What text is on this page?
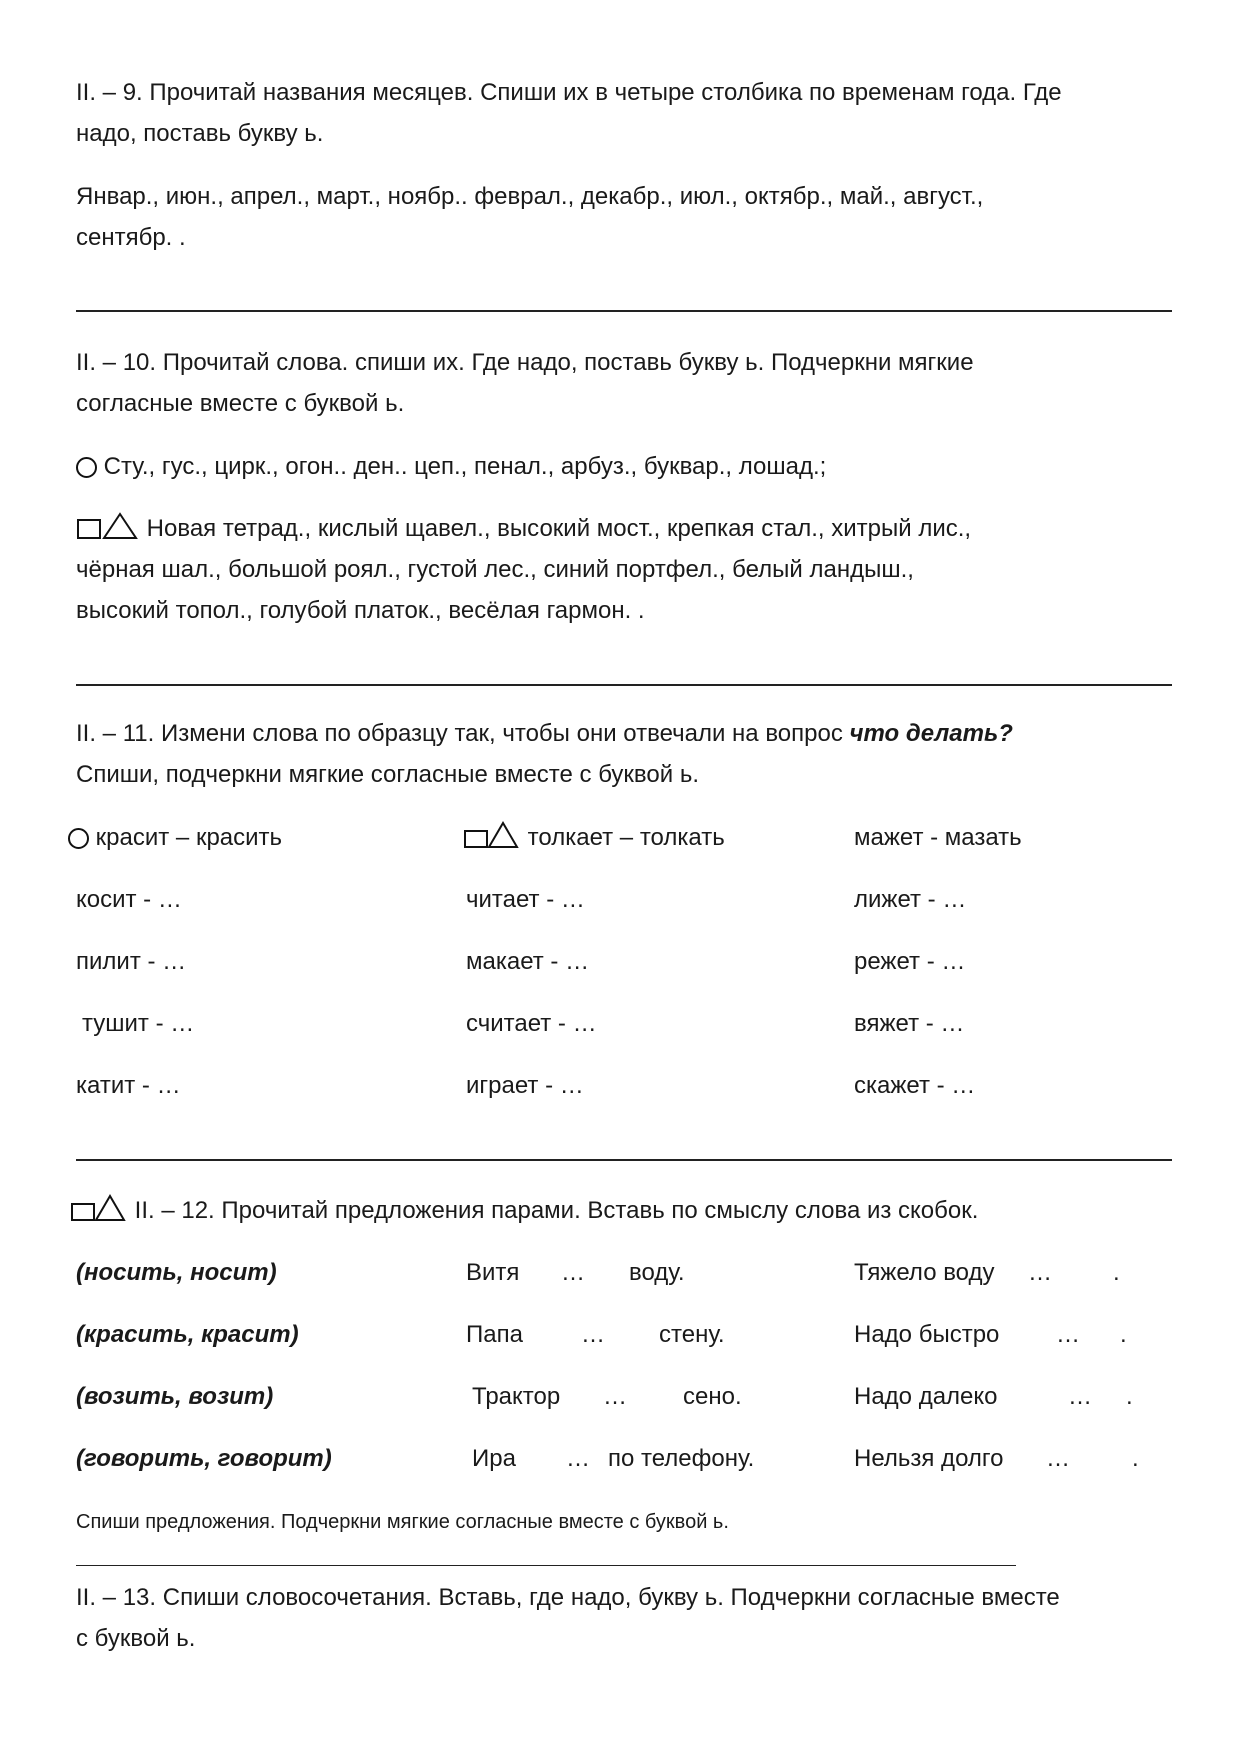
II. – 9. Прочитай названия месяцев. Спиши их в четыре столбика по временам года. Где
надо, поставь букву ь.
Январ., июн., апрел., март., ноябр.. феврал., декабр., июл., октябр., май., август.,
сентябр. .
II. – 10. Прочитай слова. спиши их. Где надо, поставь букву ь. Подчеркни мягкие
согласные вместе с буквой ь.
Сту., гус., цирк., огон.. ден.. цеп., пенал., арбуз., буквар., лошад.;
Новая тетрад., кислый щавел., высокий мост., крепкая стал., хитрый лис.,
чёрная шал., большой роял., густой лес., синий портфел., белый ландыш.,
высокий топол., голубой платок., весёлая гармон. .
II. – 11. Измени слова по образцу так, чтобы они отвечали на вопрос что делать?
Спиши, подчеркни мягкие согласные вместе с буквой ь.
красит – красить	толкает – толкать	мажет - мазать
косит - …	читает - …	лижет - …
пилит - …	макает - …	режет - …
тушит - …	считает - …	вяжет - …
катит - …	играет - …	скажет - …
II. – 12. Прочитай предложения парами. Вставь по смыслу слова из скобок.
(носить, носит)	Витя … воду.	Тяжело воду …	.
(красить, красит)	Папа … стену.	Надо быстро … .
(возить, возит)	Трактор … сено.	Надо далеко	… .
(говорить, говорит)	Ира … по телефону.	Нельзя долго …	.
Спиши предложения. Подчеркни мягкие согласные вместе с буквой ь.
II. – 13. Спиши словосочетания. Вставь, где надо, букву ь. Подчеркни согласные вместе
с буквой ь.
